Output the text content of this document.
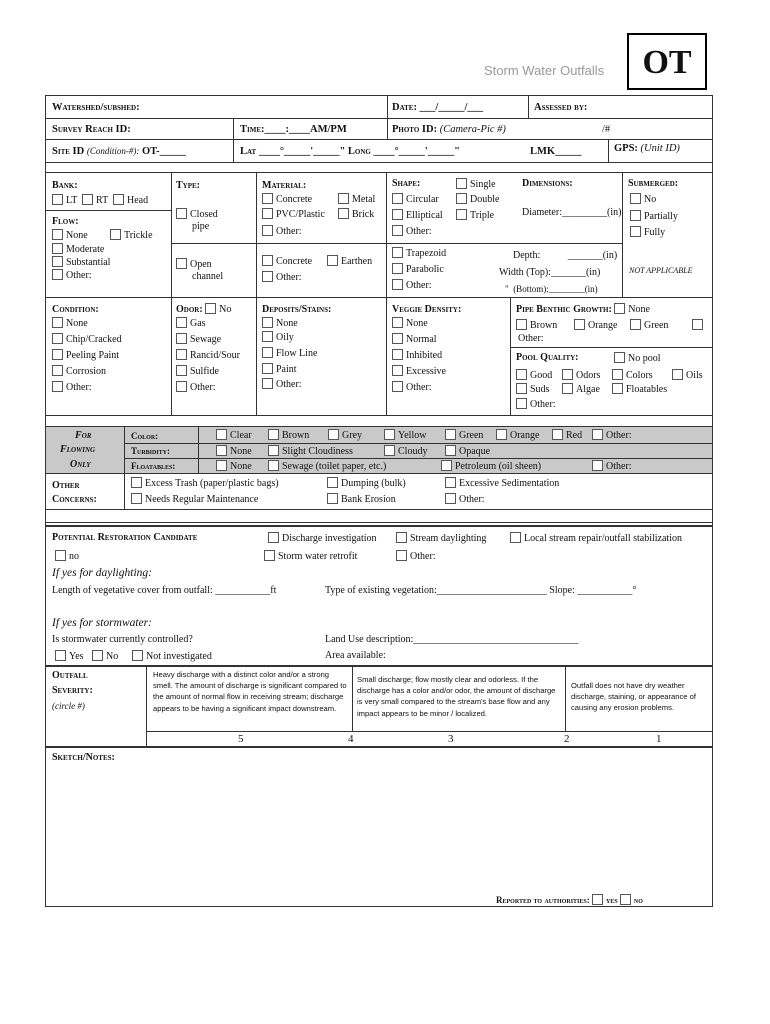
Storm Water Outfalls	OT
Watershed/subshed:	Date: ___/_____/___	Assessed by:
Survey Reach ID:	Time:____:____AM/PM	Photo ID: (Camera-Pic #)	/#
Site ID (Condition-#): OT-_____	Lat ____°_____'_____" Long ____°_____'_____"	LMK_____	GPS: (Unit ID)
Bank:
LT	RT	Head
Flow:
None	Trickle
Moderate
Substantial
Other:
Type:
Closed
pipe
Open
channel
Material:
Concrete	Metal
PVC/Plastic	Brick
Other:
Concrete	Earthen
Other:
Shape:	Single
Circular	Double
Elliptical	Triple
Other:
Trapezoid
Parabolic
Other:
Dimensions:
Diameter:_________(in)
Depth:	_______(in)
Width (Top):_______(in)
" (Bottom):________(in)
Submerged:
No
Partially
Fully
NOT APPLICABLE
Condition:
None
Chip/Cracked
Peeling Paint
Corrosion
Other:
Odor: No
Gas
Sewage
Rancid/Sour
Sulfide
Other:
Deposits/Stains:
None
Oily
Flow Line
Paint
Other:
Veggie Density:
None
Normal
Inhibited
Excessive
Other:
Pipe Benthic Growth: None
Brown	Orange	Green
Other:
Pool Quality:	No pool
Good	Odors	Colors	Oils
Suds	Algae	Floatables
Other:
For
Flowing
Only
Color:
Turbidity:
Floatables:
Clear	Brown	Grey	Yellow	Green	Orange	Red	Other:
None	Slight Cloudiness	Cloudy	Opaque
None	Sewage (toilet paper, etc.)	Petroleum (oil sheen)	Other:
Other
Concerns:
Excess Trash (paper/plastic bags)	Dumping (bulk)	Excessive Sedimentation
Needs Regular Maintenance	Bank Erosion	Other:
Potential Restoration Candidate	Discharge investigation	Stream daylighting	Local stream repair/outfall stabilization
no	Storm water retrofit	Other:
If yes for daylighting:
Length of vegetative cover from outfall: ___________ft	Type of existing vegetation:______________________ Slope: ___________°
If yes for stormwater:
Is stormwater currently controlled?	Land Use description:_________________________________
Yes	No	Not investigated	Area available:
Outfall
Severity:
(circle #)
Heavy discharge with a distinct color and/or a strong smell. The amount of discharge is significant compared to the amount of normal flow in receiving stream; discharge appears to be having a significant impact downstream.
Small discharge; flow mostly clear and odorless. If the discharge has a color and/or odor, the amount of discharge is very small compared to the stream's base flow and any impact appears to be minor / localized.
Outfall does not have dry weather discharge, staining, or appearance of causing any erosion problems.
5	4	3	2	1
Sketch/Notes:
Reported to authorities: yes no
